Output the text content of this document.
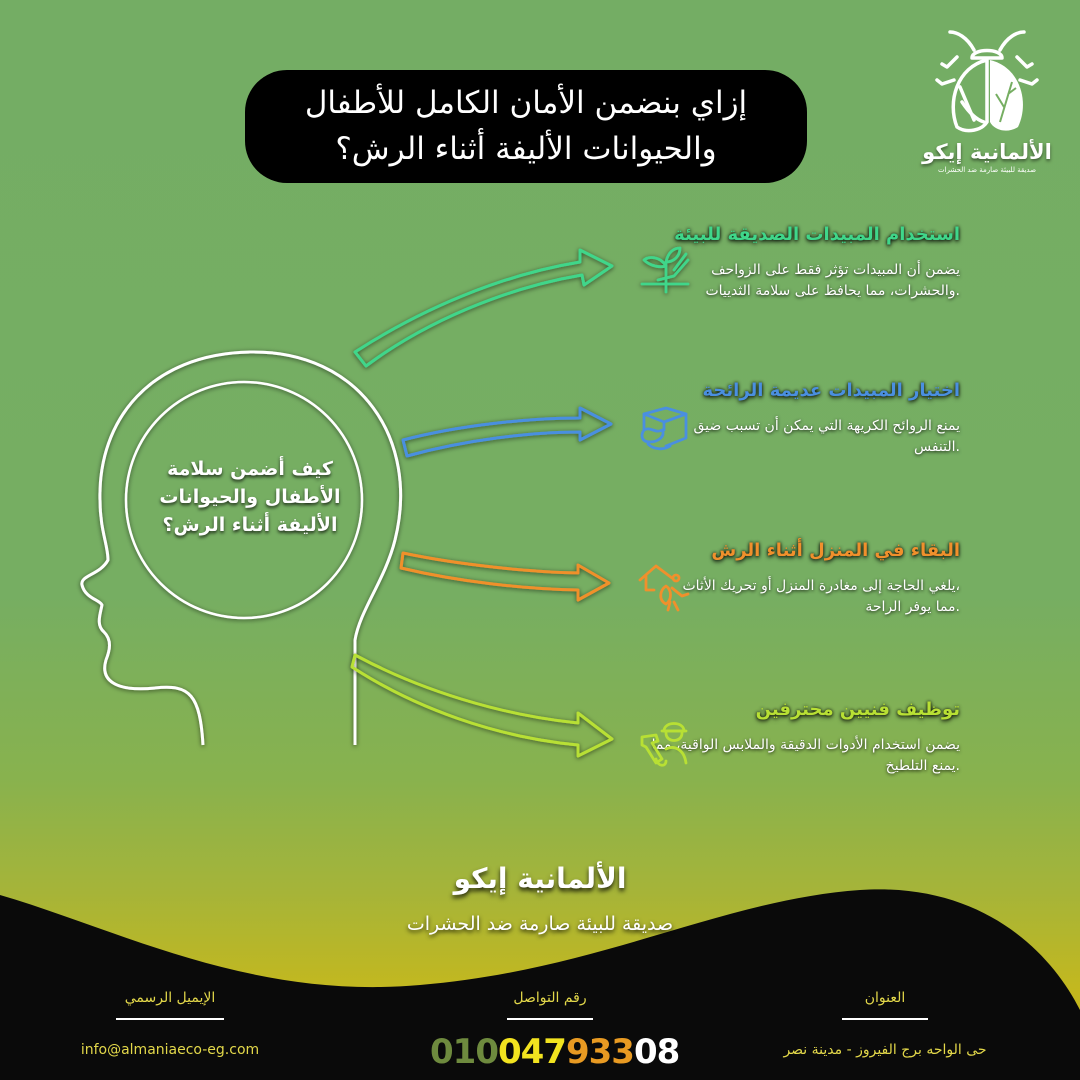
إزاي بنضمن الأمان الكامل للأطفال
والحيوانات الأليفة أثناء الرش؟	الألمانية إيكو
صديقة للبيئة صارمة ضد الحشرات
كيف أضمن سلامة
الأطفال والحيوانات
الأليفة أثناء الرش؟
استخدام المبيدات الصديقة للبيئة
يضمن أن المبيدات تؤثر فقط على الزواحف
.والحشرات، مما يحافظ على سلامة الثدييات
اختيار المبيدات عديمة الرائحة
يمنع الروائح الكريهة التي يمكن أن تسبب ضيق
.التنفس
البقاء في المنزل أثناء الرش
،يلغي الحاجة إلى مغادرة المنزل أو تحريك الأثاث
.مما يوفر الراحة
توظيف فنيين محترفين
يضمن استخدام الأدوات الدقيقة والملابس الواقية، مما
.يمنع التلطيخ
الألمانية إيكو
صديقة للبيئة صارمة ضد الحشرات
الإيميل الرسمي
info@almaniaeco-eg.com
رقم التواصل
01004793308
العنوان
حى الواحه برج الفيروز - مدينة نصر
